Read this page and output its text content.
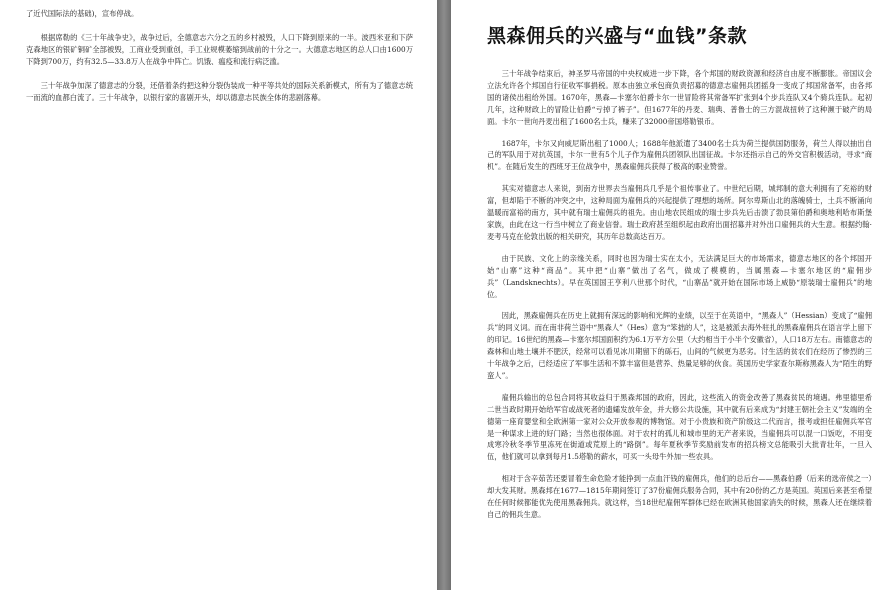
了近代国际法的基础)，宣布停战。

根据席勒的《三十年战争史》，战争过后，全德意志六分之五的乡村被毁，人口下降到原来的一半。波西米亚和下萨克森地区的银矿铜矿全部被毁，工商业受到重创，手工业规模萎缩到战前的十分之一。大德意志地区的总人口由1600万下降到700万，约有32.5—33.8万人在战争中阵亡。饥饿、瘟疫和流行病泛滥。

三十年战争加深了德意志的分裂，还借着条约把这种分裂伪装成一种平等共处的国际关系新模式，所有为了德意志统一而流的血都白流了。三十年战争，以银行家的喜剧开头，却以德意志民族全体的悲剧落幕。

黑森佣兵的兴盛与“血钱”条款

三十年战争结束后，神圣罗马帝国的中央权威进一步下降，各个邦国的财政资源和经济自由度不断膨胀。帝国议会立法允许各个邦国自行征收军事捐税。原本由独立承包商负责招募的德意志雇佣兵团摇身一变成了邦国常备军，由各邦国的诸侯出租给外国。1670年，黑森—卡塞尔伯爵卡尔一世冒险将其常备军扩张到4个步兵连队又4个骑兵连队。起初几年，这种财政上的冒险让伯爵“亏掉了裤子”。但1677年的丹麦、瑞典、普鲁士的三方混战扭转了这种濒于破产的局面。卡尔一世向丹麦出租了1600名士兵，赚来了32000帝国塔勒银币。

1687年，卡尔又向威尼斯出租了1000人；1688年他派遣了3400名士兵为荷兰提供国防服务，荷兰人得以抽出自己的军队用于对抗英国，卡尔一世有5个儿子作为雇佣兵团领队出国征战。卡尔还指示自己的外交官积极活动，寻求“商机”。在随后发生的西班牙王位战争中，黑森雇佣兵获得了极高的职业赞誉。

其实对德意志人来说，到南方世界去当雇佣兵几乎是个祖传事业了。中世纪后期，城邦制的意大利拥有了充裕的财富，但却陷于不断的冲突之中，这种局面为雇佣兵的兴起提供了理想的场所。阿尔卑斯山北的落魄骑士，土兵不断涌向温暖而富裕的南方，其中就有瑞士雇佣兵的祖先。由山地农民组成的瑞士步兵先后击溃了勃艮第伯爵和奥地利哈布斯堡家族，由此在这一行当中树立了商业信誉。瑞士政府甚至组织起由政府出面招募并对外出口雇佣兵的大生意。根据约翰·麦考马克在伦敦出版的相关研究，其历年总数高达百万。

由于民族、文化上的亲缘关系，同时也因为瑞士实在太小，无法满足巨大的市场需求，德意志地区的各个邦国开始“山寨”这种“商品”。其中把“山寨”做出了名气，做成了模模的，当属黑森—卡塞尔地区的“雇佣步兵”（Landsknechts）。早在英国国王亨利八世那个时代，“山寨品”就开始在国际市场上威胁“原装瑞士雇佣兵”的地位。

因此，黑森雇佣兵在历史上就拥有深远的影响和光辉的业绩，以至于在英语中，“黑森人”（Hessian）变成了“雇佣兵”的同义词。而在南非荷兰语中“黑森人”（Hes）意为“笨拙的人”，这是被派去海外驻扎的黑森雇佣兵在语言学上留下的印记。16世纪的黑森—卡塞尔邦国面积约为6.1万平方公里（大约相当于小半个安徽省），人口18万左右。南德意志的森林和山地土壤并不肥沃，经常可以看见冰川期留下的砾石，山间的气候更为恶劣。讨生活的贫农们在经历了惨烈的三十年战争之后，已经适应了军事生活和不算丰富但是营养、热量足够的伙食。英国历史学家查尔斯称黑森人为“陌生的野蛮人”。

雇佣兵输出的总包合同将其收益归于黑森邦国的政府，因此，这些流入的资金改善了黑森贫民的境遇。弗里德里希二世当政时期开始给军官或战死者的遗孀发放年金，并大修公共设施，其中就有后来成为“封建王朝社会主义”发端的全德第一座育婴堂和全欧洲第一家对公众开放参观的博物馆。对于小贵族和资产阶级这二代而言，报考或担任雇佣兵军官是一种谋求上进的好门路；当然也很体面。对于农村的孤儿和城市里的无产者来说，当雇佣兵可以混一口饭吃，不用变成寒冷秋冬季节里冻死在街道或荒原上的“路倒”。每年夏秋季节奖励前发布的招兵榜文总能吸引大批青壮年，一旦入伍，他们就可以拿到每月1.5塔勒的薪水，可买一头母牛外加一些农具。

相对于含辛茹苦还要冒着生命危险才能挣到一点血汗钱的雇佣兵，他们的总后台——黑森伯爵（后来的选帝侯之一）却大发其财。黑森邦在1677—1815年期间签订了37份雇佣兵服务合同，其中有20份的乙方是英国。英国后来甚至希望在任何时候都能优先使用黑森佣兵。就这样，当18世纪雇佣军群体已经在欧洲其他国家消失的时候，黑森人还在继续着自己的佣兵生意。
